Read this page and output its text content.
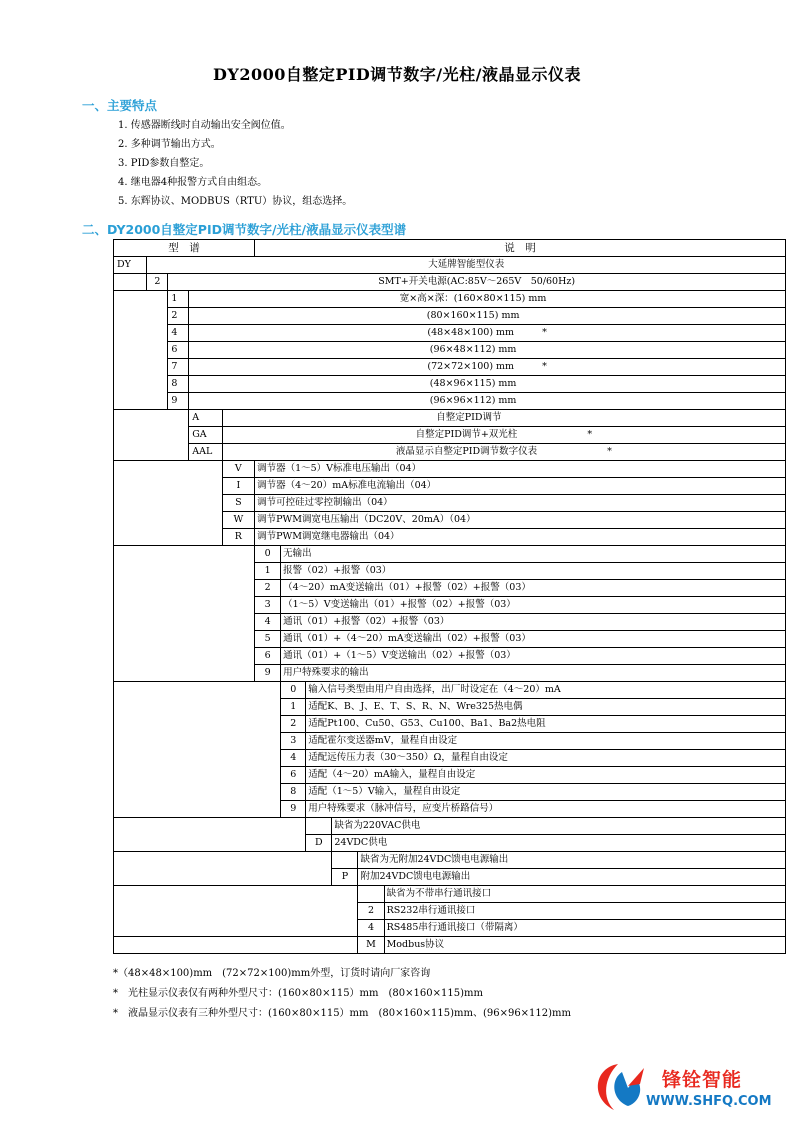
DY2000自整定PID调节数字/光柱/液晶显示仪表
一、主要特点
1. 传感器断线时自动输出安全阀位值。
2. 多种调节输出方式。
3. PID参数自整定。
4. 继电器4种报警方式自由组态。
5. 东辉协议、MODBUS（RTU）协议，组态选择。
二、DY2000自整定PID调节数字/光柱/液晶显示仪表型谱
型　谱					说　明					
DY	大延牌智能型仪表									
	2	SMT+开关电源(AC:85V～265V　50/60Hz)								
		1	宽×高×深：(160×80×115) mm							
		2	(80×160×115) mm							
		4	(48×48×100) mm *							
		6	(96×48×112) mm							
		7	(72×72×100) mm *							
		8	(48×96×115) mm							
		9	(96×96×112) mm							
			A	自整定PID调节						
			GA	自整定PID调节+双光柱 *						
			AAL	液晶显示自整定PID调节数字仪表 *						
				V	调节器（1～5）V标准电压输出（04）					
				I	调节器（4～20）mA标准电流输出（04）					
				S	调节可控硅过零控制输出（04）					
				W	调节PWM调宽电压输出（DC20V、20mA）（04）					
				R	调节PWM调宽继电器输出（04）					
					0	无输出				
					1	报警（02）+报警（03）				
					2	（4～20）mA变送输出（01）+报警（02）+报警（03）				
					3	（1～5）V变送输出（01）+报警（02）+报警（03）				
					4	通讯（01）+报警（02）+报警（03）				
					5	通讯（01）+（4～20）mA变送输出（02）+报警（03）				
					6	通讯（01）+（1～5）V变送输出（02）+报警（03）				
					9	用户特殊要求的输出				
						0	输入信号类型由用户自由选择，出厂时设定在（4～20）mA			
						1	适配K、B、J、E、T、S、R、N、Wre325热电偶			
						2	适配Pt100、Cu50、G53、Cu100、Ba1、Ba2热电阻			
						3	适配霍尔变送器mV，量程自由设定			
						4	适配远传压力表（30～350）Ω，量程自由设定			
						6	适配（4～20）mA输入，量程自由设定			
						8	适配（1～5）V输入，量程自由设定			
						9	用户特殊要求（脉冲信号，应变片桥路信号）			
								缺省为220VAC供电		
							D	24VDC供电		
									缺省为无附加24VDC馈电电源输出	
								P	附加24VDC馈电电源输出	
										缺省为不带串行通讯接口
									2	RS232串行通讯接口
									4	RS485串行通讯接口（带隔离）
									M	Modbus协议
*（48×48×100)mm　(72×72×100)mm外型，订货时请向厂家咨询
*　光柱显示仪表仅有两种外型尺寸：(160×80×115）mm　(80×160×115)mm
*　液晶显示仪表有三种外型尺寸：(160×80×115）mm　(80×160×115)mm、(96×96×112)mm
锋铨智能
WWW.SHFQ.COM
